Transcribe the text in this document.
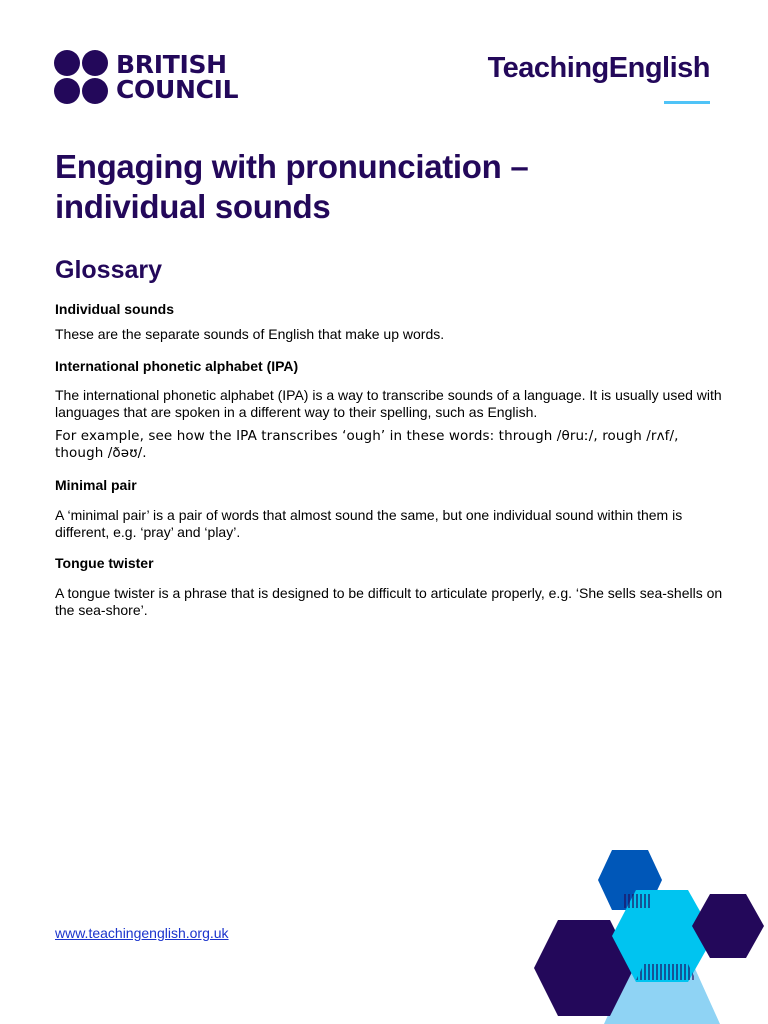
BRITISH
COUNCIL
TeachingEnglish
Engaging with pronunciation –
individual sounds
Glossary

Individual sounds

These are the separate sounds of English that make up words.

International phonetic alphabet (IPA)

The international phonetic alphabet (IPA) is a way to transcribe sounds of a language. It is usually used with languages that are spoken in a different way to their spelling, such as English.

For example, see how the IPA transcribes ‘ough’ in these words: through /θruː/, rough /rʌf/, though /ðəʊ/.

Minimal pair

A ‘minimal pair’ is a pair of words that almost sound the same, but one individual sound within them is different, e.g. ‘pray’ and ‘play’.

Tongue twister

A tongue twister is a phrase that is designed to be difficult to articulate properly, e.g. ‘She sells sea-shells on the sea-shore’.

www.teachingenglish.org.uk
